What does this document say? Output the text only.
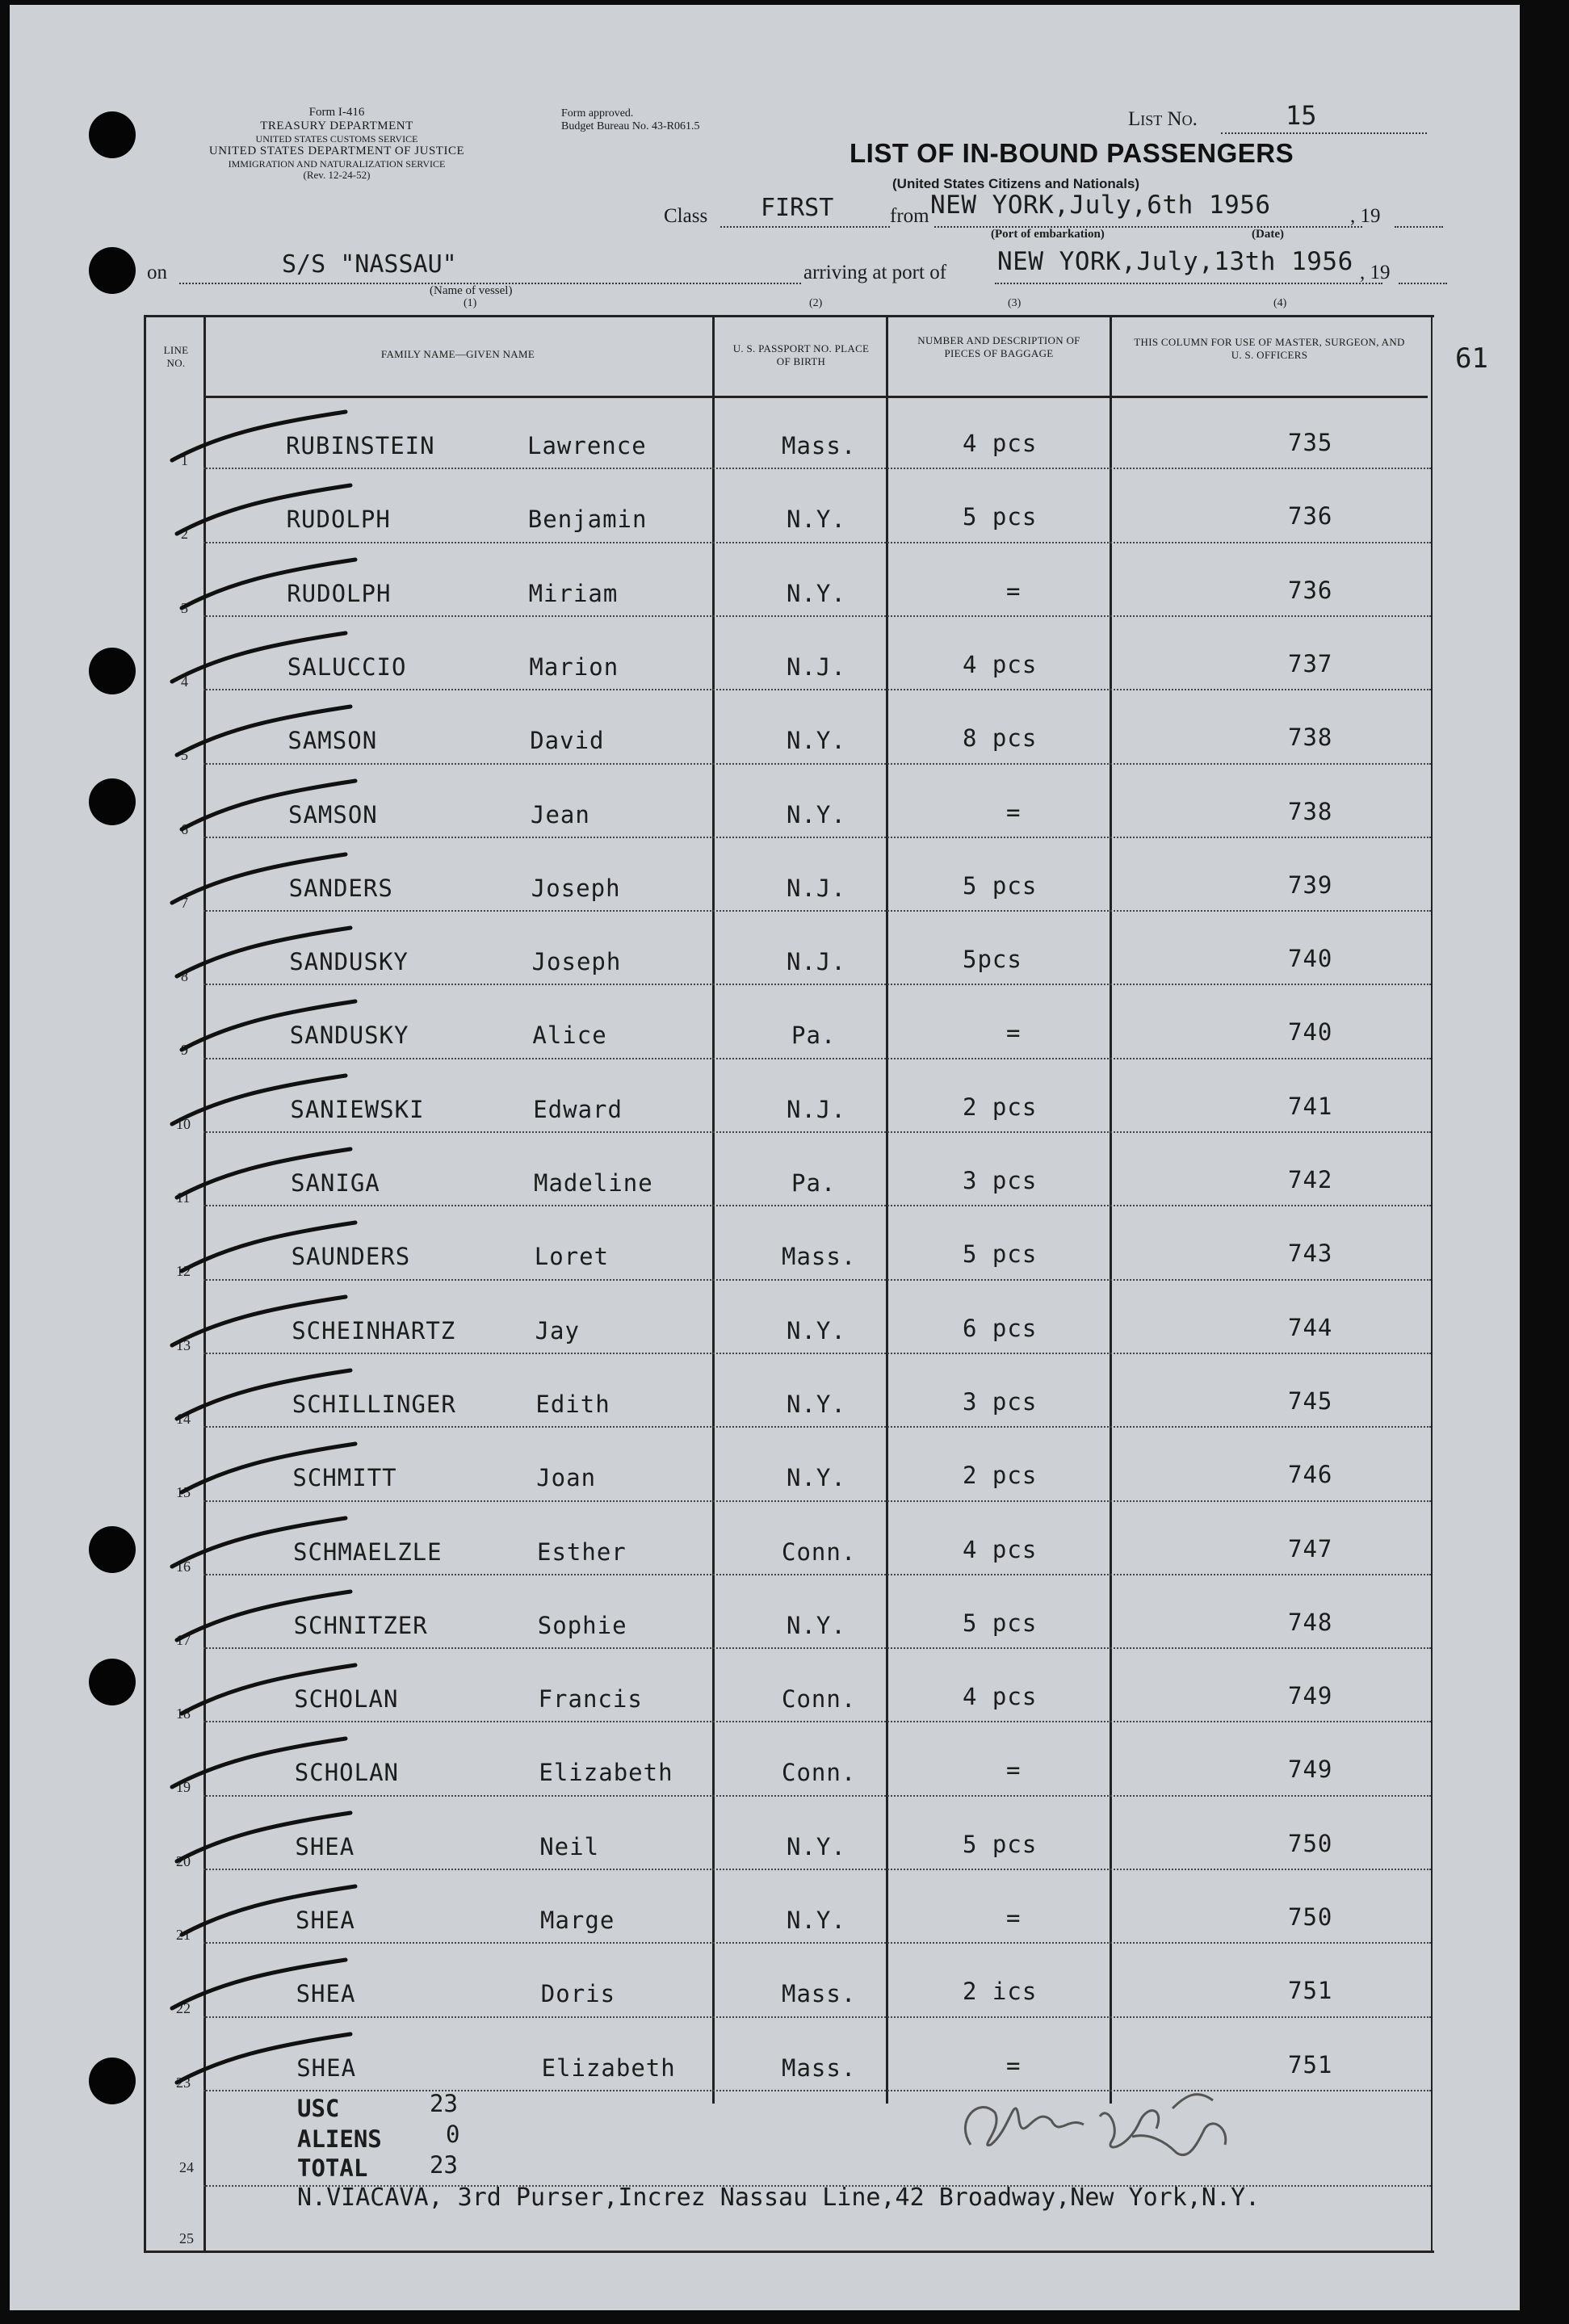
Form I-416
TREASURY DEPARTMENT
UNITED STATES CUSTOMS SERVICE
UNITED STATES DEPARTMENT OF JUSTICE
IMMIGRATION AND NATURALIZATION SERVICE
(Rev. 12-24-52)
Form approved.
Budget Bureau No. 43-R061.5	List No.	15
LIST OF IN-BOUND PASSENGERS
(United States Citizens and Nationals)
Class FIRST	from NEW YORK,July,6th 1956	, 19
(Port of embarkation)	(Date)
on	S/S "NASSAU"
(Name of vessel)
(1)
arriving at port of NEW YORK,July,13th 1956 , 19
(2)	(3)	(4)
61
LINE NO.
FAMILY NAME—GIVEN NAME	U. S. PASSPORT NO. PLACE OF BIRTH
NUMBER AND DESCRIPTION OF PIECES OF BAGGAGE
THIS COLUMN FOR USE OF MASTER, SURGEON, AND U. S. OFFICERS
1
RUBINSTEIN	Lawrence	Mass.	4 pcs	735
2
RUDOLPH	Benjamin	N.Y.	5 pcs	736
3
RUDOLPH	Miriam	N.Y.	=	736
4
SALUCCIO	Marion	N.J.	4 pcs	737
5
SAMSON	David	N.Y.	8 pcs	738
6
SAMSON	Jean	N.Y.	=	738
7
SANDERS	Joseph	N.J.	5 pcs	739
8
SANDUSKY	Joseph	N.J.	5pcs	740
9
SANDUSKY	Alice	Pa.	=	740
10
SANIEWSKI	Edward	N.J.	2 pcs	741
11
SANIGA	Madeline	Pa.	3 pcs	742
12
SAUNDERS	Loret	Mass.	5 pcs	743
13
SCHEINHARTZ	Jay	N.Y.	6 pcs	744
14
SCHILLINGER	Edith	N.Y.	3 pcs	745
15
SCHMITT	Joan	N.Y.	2 pcs	746
16
SCHMAELZLE	Esther	Conn.	4 pcs	747
17
SCHNITZER	Sophie	N.Y.	5 pcs	748
18
SCHOLAN	Francis	Conn.	4 pcs	749
19
SCHOLAN	Elizabeth	Conn.	=	749
20
SHEA	Neil	N.Y.	5 pcs	750
21
SHEA	Marge	N.Y.	=	750
22
SHEA	Doris	Mass.	2 ics	751
23
SHEA	Elizabeth	Mass.	=	751
USC	23
ALIENS	0
TOTAL	23
24
25
N.VIACAVA, 3rd Purser,Increz Nassau Line,42 Broadway,New York,N.Y.
